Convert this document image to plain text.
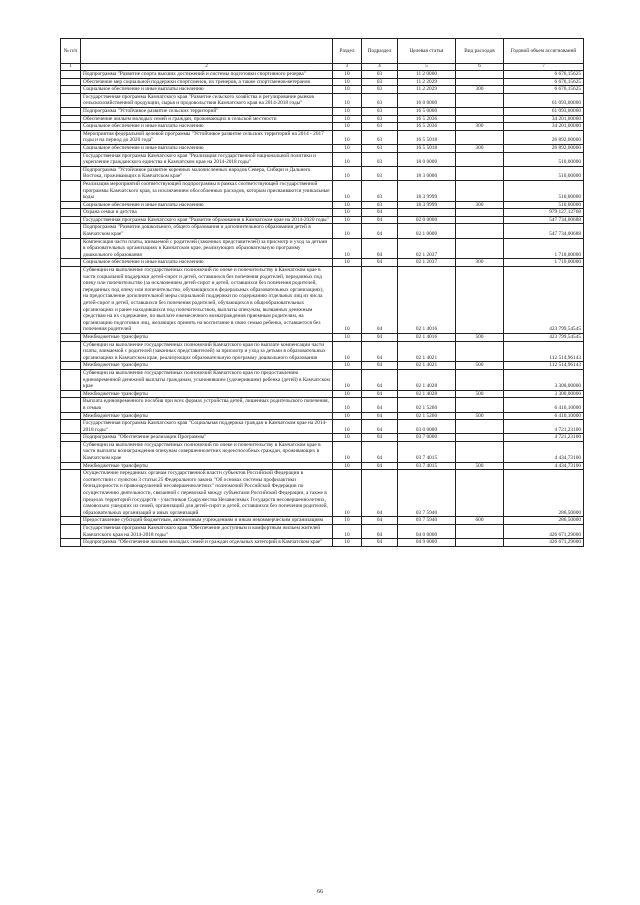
№ п/п		Раздел	Подраздел	Целевая статья	Вид расходов	Годовой объем ассигнований
1	2	3	4	5	6	7
	Подпрограмма "Развитие спорта высших достижений и системы подготовки спортивного резерва"	10	03	11 2 0000		6 676,15625
	Обеспечение мер социальной поддержки спортсменов, их тренеров, а также спортсменов-ветеранов	10	03	11 2 2029		6 676,15625
	Социальное обеспечение и иные выплаты населению	10	03	11 2 2029	300	6 676,15625
	Государственная программа Камчатского края "Развитие сельского хозяйства и регулирование рынков сельскохозяйственной продукции, сырья и продовольствия Камчатского края на 2014-2018 годы"	10	03	16 0 0000		61 093,00000
	Подпрограмма "Устойчивое развитие сельских территорий"	10	03	16 5 0000		61 093,00000
	Обеспечение жильем молодых семей и граждан, проживающих в сельской местности	10	03	16 5 2036		34 201,00000
	Социальное обеспечение и иные выплаты населению	10	03	16 5 2036	300	34 201,00000
	Мероприятия федеральной целевой программы "Устойчивое развитие сельских территорий на 2014 - 2017 годы и на период до 2020 года"	10	03	16 5 5018		26 892,00000
	Социальное обеспечение и иные выплаты населению	10	03	16 5 5018	300	26 892,00000
	Государственная программа Камчатского края "Реализация государственной национальной политики и укрепление гражданского единства в Камчатском крае на 2014-2018 годы"	10	03	18 0 0000		510,00000
	Подпрограмма "Устойчивое развитие коренных малочисленных народов Севера, Сибири и Дальнего Востока, проживающих в Камчатском крае"	10	03	18 3 0000		510,00000
	Реализация мероприятий соответствующей подпрограммы в рамках соответствующей государственной программы Камчатского края, за исключением обособленных расходов, которым присваиваются уникальные коды	10	03	18 3 9999		510,00000
	Социальное обеспечение и иные выплаты населению	10	03	18 3 9999	300	510,00000
	Охрана семьи и детства	10	04			979 127,12768
	Государственная программа Камчатского края "Развитие образования в Камчатском крае на 2014-2020 годы"	10	04	02 0 0000		547 734,00688
	Подпрограмма "Развитие дошкольного, общего образования и дополнительного образования детей в Камчатском крае"	10	04	02 1 0000		547 734,00688
	Компенсация части платы, взимаемой с родителей (законных представителей) за присмотр и уход за детьми в образовательных организациях в Камчатском крае, реализующих образовательную программу дошкольного образования	10	04	02 1 2037		1 710,00000
	Социальное обеспечение и иные выплаты населению	10	04	02 1 2037	300	1 710,00000
	Субвенции на выполнение государственных полномочий по опеке и попечительству в Камчатском крае в части социальной поддержки детей-сирот и детей, оставшихся без попечения родителей, переданных под опеку или попечительство (за исключением детей-сирот и детей, оставшихся без попечения родителей, переданных под опеку или попечительство, обучающихся в федеральных образовательных организациях), на предоставление дополнительной меры социальной поддержки по содержанию отдельных лиц из числа детей-сирот и детей, оставшихся без попечения родителей, обучающихся в общеобразовательных организациях и ранее находившихся под попечительством, выплаты опекунам, вызванных денежным средствам на их содержание, по выплате ежемесячного вознаграждения приемным родителям, на организацию подготовки лиц, желающих принять на воспитание в свою семью ребенка, оставшегося без попечения родителей	10	04	02 1 4016		423 799,54545
	Межбюджетные трансферты	10	04	02 1 4016	500	423 799,54545
	Субвенции на выполнение государственных полномочий Камчатского края по выплате компенсации части платы, взимаемой с родителей (законных представителей) за присмотр и уход за детьми в образовательных организациях в Камчатском крае, реализующих образовательную программу дошкольного образования	10	04	02 1 4021		112 514,96143
	Межбюджетные трансферты	10	04	02 1 4021	500	112 514,96143
	Субвенции на выполнение государственных полномочий Камчатского края по предоставлению единовременной денежной выплаты гражданам, усыновившим (удочерившим) ребенка (детей) в Камчатском крае	10	04	02 1 4028		3 300,00000
	Межбюджетные трансферты	10	04	02 1 4028	500	3 300,00000
	Выплата единовременного пособия при всех формах устройства детей, лишенных родительского попечения, в семью	10	04	02 1 5260		6 410,10000
	Межбюджетные трансферты	10	04	02 1 5260	500	6 410,10000
	Государственная программа Камчатского края "Социальная поддержка граждан в Камчатском крае на 2014-2018 годы"	10	04	03 0 0000		4 721,23100
	Подпрограмма "Обеспечение реализации Программы"	10	04	03 7 0000		4 721,23100
	Субвенции на выполнение государственных полномочий по опеке и попечительству в Камчатском крае в части выплаты вознаграждения опекунам совершеннолетних недееспособных граждан, проживающих в Камчатском крае	10	04	03 7 4015		4 434,73100
	Межбюджетные трансферты	10	04	03 7 4015	500	4 434,73100
	Осуществление переданных органам государственной власти субъектов Российской Федерации в соответствии с пунктом 3 статьи 25 Федерального закона "Об основах системы профилактики безнадзорности и правонарушений несовершеннолетних" полномочий Российской Федерации по осуществлению деятельности, связанной с перевозкой между субъектами Российской Федерации, а также в пределах территорий государств - участников Содружества Независимых Государств несовершеннолетних, самовольно ушедших из семей, организаций для детей-сирот и детей, оставшихся без попечения родителей, образовательных организаций и иных организаций	10	04	03 7 5940		286,50000
	Предоставление субсидий бюджетным, автономным учреждениям и иным некоммерческим организациям	10	04	03 7 5940	600	286,50000
	Государственная программа Камчатского края "Обеспечение доступным и комфортным жильем жителей Камчатского края на 2014-2018 годы"	10	04	04 0 0000		426 671,29000
	Подпрограмма "Обеспечение жильем молодых семей и граждан отдельных категорий в Камчатском крае"	10	04	04 9 0000		426 671,29000
66
